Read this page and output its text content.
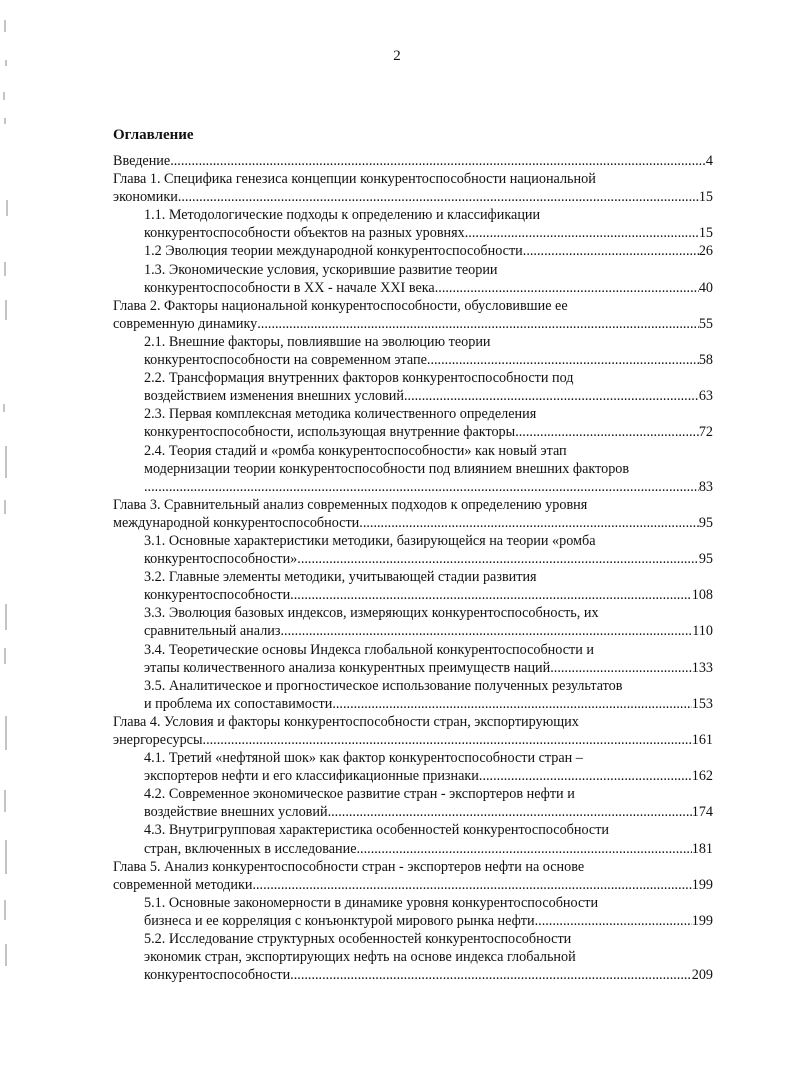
2
Оглавление
Введение .....	4
Глава 1. Специфика генезиса концепции конкурентоспособности национальной
экономики. .....	15
1.1. Методологические подходы к определению и классификации
конкурентоспособности объектов на разных уровнях .....	15
1.2 Эволюция теории международной конкурентоспособности .....	26
1.3. Экономические условия, ускорившие развитие теории
конкурентоспособности в XX - начале XXI века. .....	40
Глава 2. Факторы национальной конкурентоспособности, обусловившие ее
современную динамику .....	55
2.1. Внешние факторы, повлиявшие на эволюцию теории
конкурентоспособности на современном этапе .....	58
2.2. Трансформация внутренних факторов конкурентоспособности под
воздействием изменения внешних условий .....	63
2.3. Первая комплексная методика количественного определения
конкурентоспособности, использующая внутренние факторы .....	72
2.4. Теория стадий и «ромба конкурентоспособности» как новый этап
модернизации теории конкурентоспособности под влиянием внешних факторов
.....
83
Глава 3. Сравнительный анализ современных подходов к определению уровня
международной конкурентоспособности. .....	95
3.1. Основные характеристики методики, базирующейся на теории «ромба
конкурентоспособности». .....	95
3.2. Главные элементы методики, учитывающей стадии развития
конкурентоспособности .....	108
3.3. Эволюция базовых индексов, измеряющих конкурентоспособность, их
сравнительный анализ .....	110
3.4. Теоретические основы Индекса глобальной конкурентоспособности и
этапы количественного анализа конкурентных преимуществ наций .....	133
3.5. Аналитическое и прогностическое использование полученных результатов
и проблема их сопоставимости .....	153
Глава 4. Условия и факторы конкурентоспособности стран, экспортирующих
энергоресурсы. .....	161
4.1. Третий «нефтяной шок» как фактор конкурентоспособности стран –
экспортеров нефти и его классификационные признаки. .....	162
4.2. Современное экономическое развитие стран - экспортеров нефти и
воздействие внешних условий .....	174
4.3. Внутригрупповая характеристика особенностей конкурентоспособности
стран, включенных в исследование. .....	181
Глава 5. Анализ конкурентоспособности стран - экспортеров нефти на основе
современной методики .....	199
5.1. Основные закономерности в динамике уровня конкурентоспособности
бизнеса и ее корреляция с конъюнктурой мирового рынка нефти .....	199
5.2. Исследование структурных особенностей конкурентоспособности
экономик стран, экспортирующих нефть на основе индекса глобальной
конкурентоспособности .....	209
